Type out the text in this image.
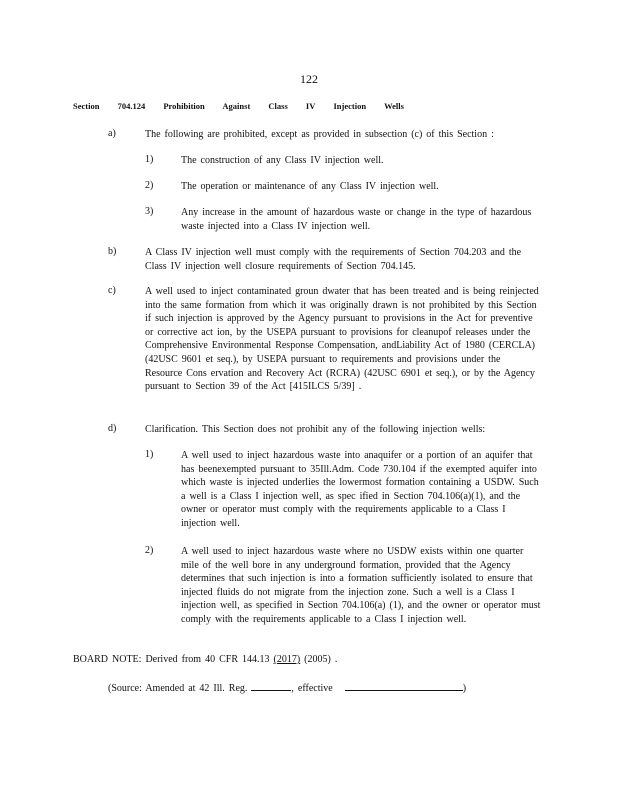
122
Section 704.124 Prohibition Against Class IV Injection Wells
a)	The following are prohibited, except as provided in subsection (c) of this Section :

1)	The construction of any Class IV injection well.

2)	The operation or maintenance of any Class IV injection well.

3)	Any increase in the amount of hazardous waste or change in the type of hazardous waste injected into a Class IV injection well.

b)	A Class IV injection well must comply with the requirements of Section 704.203 and the Class IV injection well closure requirements of Section 704.145.

c)	A well used to inject contaminated groun dwater that has been treated and is being reinjected into the same formation from which it was originally drawn is not prohibited by this Section if such injection is approved by the Agency pursuant to provisions in the Act for preventive or corrective act ion, by the USEPA pursuant to provisions for cleanupof releases under the Comprehensive Environmental Response Compensation, andLiability Act of 1980 (CERCLA) (42USC 9601 et seq.), by USEPA pursuant to requirements and provisions under the Resource Cons ervation and Recovery Act (RCRA) (42USC 6901 et seq.), or by the Agency pursuant to Section 39 of the Act [415ILCS 5/39] .

d)	Clarification. This Section does not prohibit any of the following injection wells:

1)	A well used to inject hazardous waste into anaquifer or a portion of an aquifer that has beenexempted pursuant to 35Ill.Adm. Code 730.104 if the exempted aquifer into which waste is injected underlies the lowermost formation containing a USDW. Such a well is a Class I injection well, as spec ified in Section 704.106(a)(1), and the owner or operator must comply with the requirements applicable to a Class I injection well.

2)	A well used to inject hazardous waste where no USDW exists within one quarter mile of the well bore in any underground formation, provided that the Agency determines that such injection is into a formation sufficiently isolated to ensure that injected fluids do not migrate from the injection zone. Such a well is a Class I injection well, as specified in Section 704.106(a) (1), and the owner or operator must comply with the requirements applicable to a Class I injection well.

BOARD NOTE: Derived from 40 CFR 144.13 (2017) (2005) .
(Source: Amended at 42 Ill. Reg.	, effective	)
